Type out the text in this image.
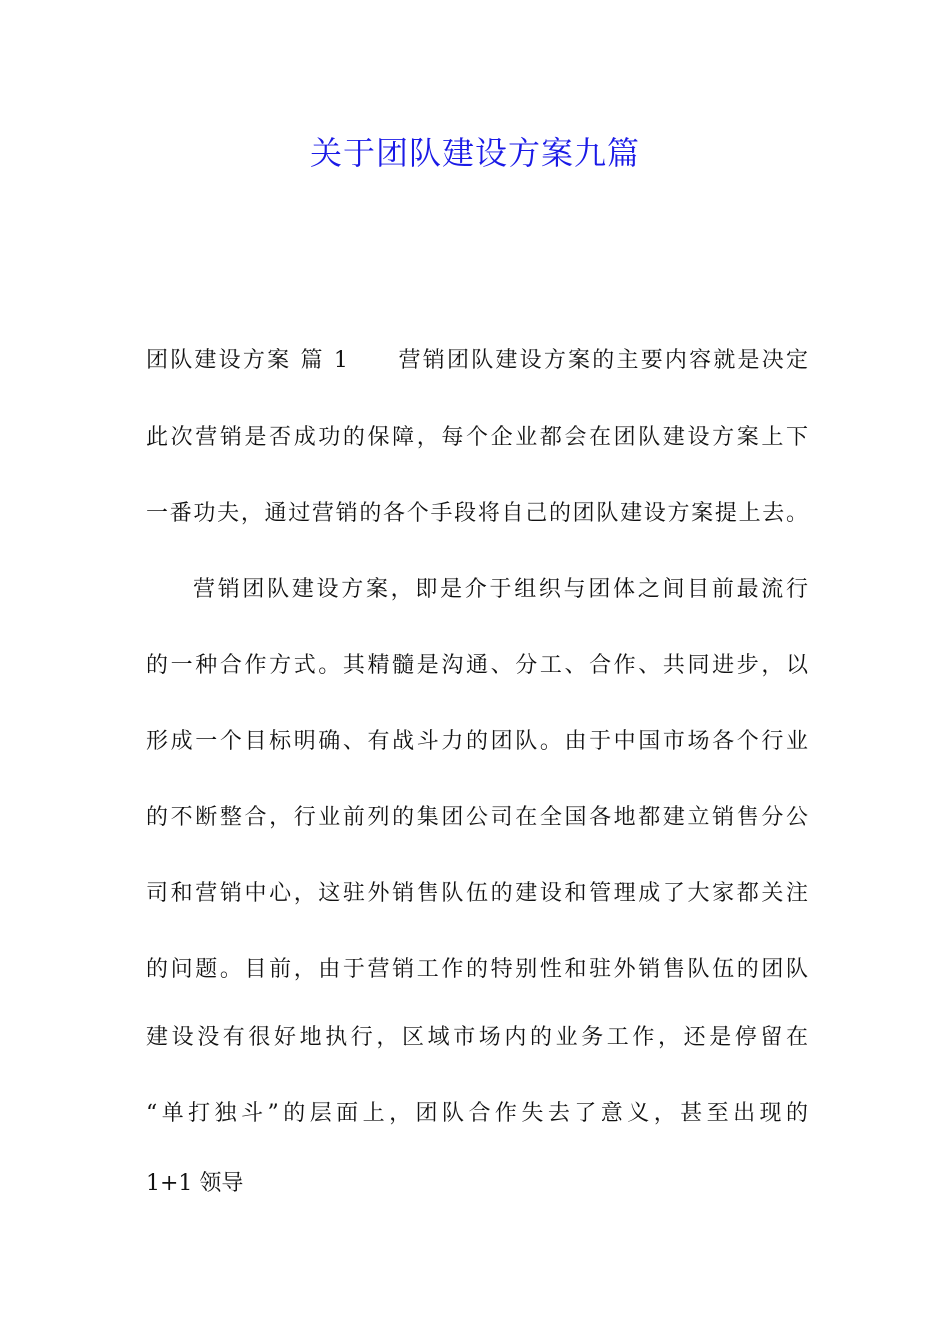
关于团队建设方案九篇

团队建设方案 篇 1　　营销团队建设方案的主要内容就是决定

此次营销是否成功的保障，每个企业都会在团队建设方案上下

一番功夫，通过营销的各个手段将自己的团队建设方案提上去。

营销团队建设方案，即是介于组织与团体之间目前最流行

的一种合作方式。其精髓是沟通、分工、合作、共同进步，以

形成一个目标明确、有战斗力的团队。由于中国市场各个行业

的不断整合，行业前列的集团公司在全国各地都建立销售分公

司和营销中心，这驻外销售队伍的建设和管理成了大家都关注

的问题。目前，由于营销工作的特别性和驻外销售队伍的团队

建设没有很好地执行，区域市场内的业务工作，还是停留在

“单打独斗”的层面上，团队合作失去了意义，甚至出现的

1+1 领导
